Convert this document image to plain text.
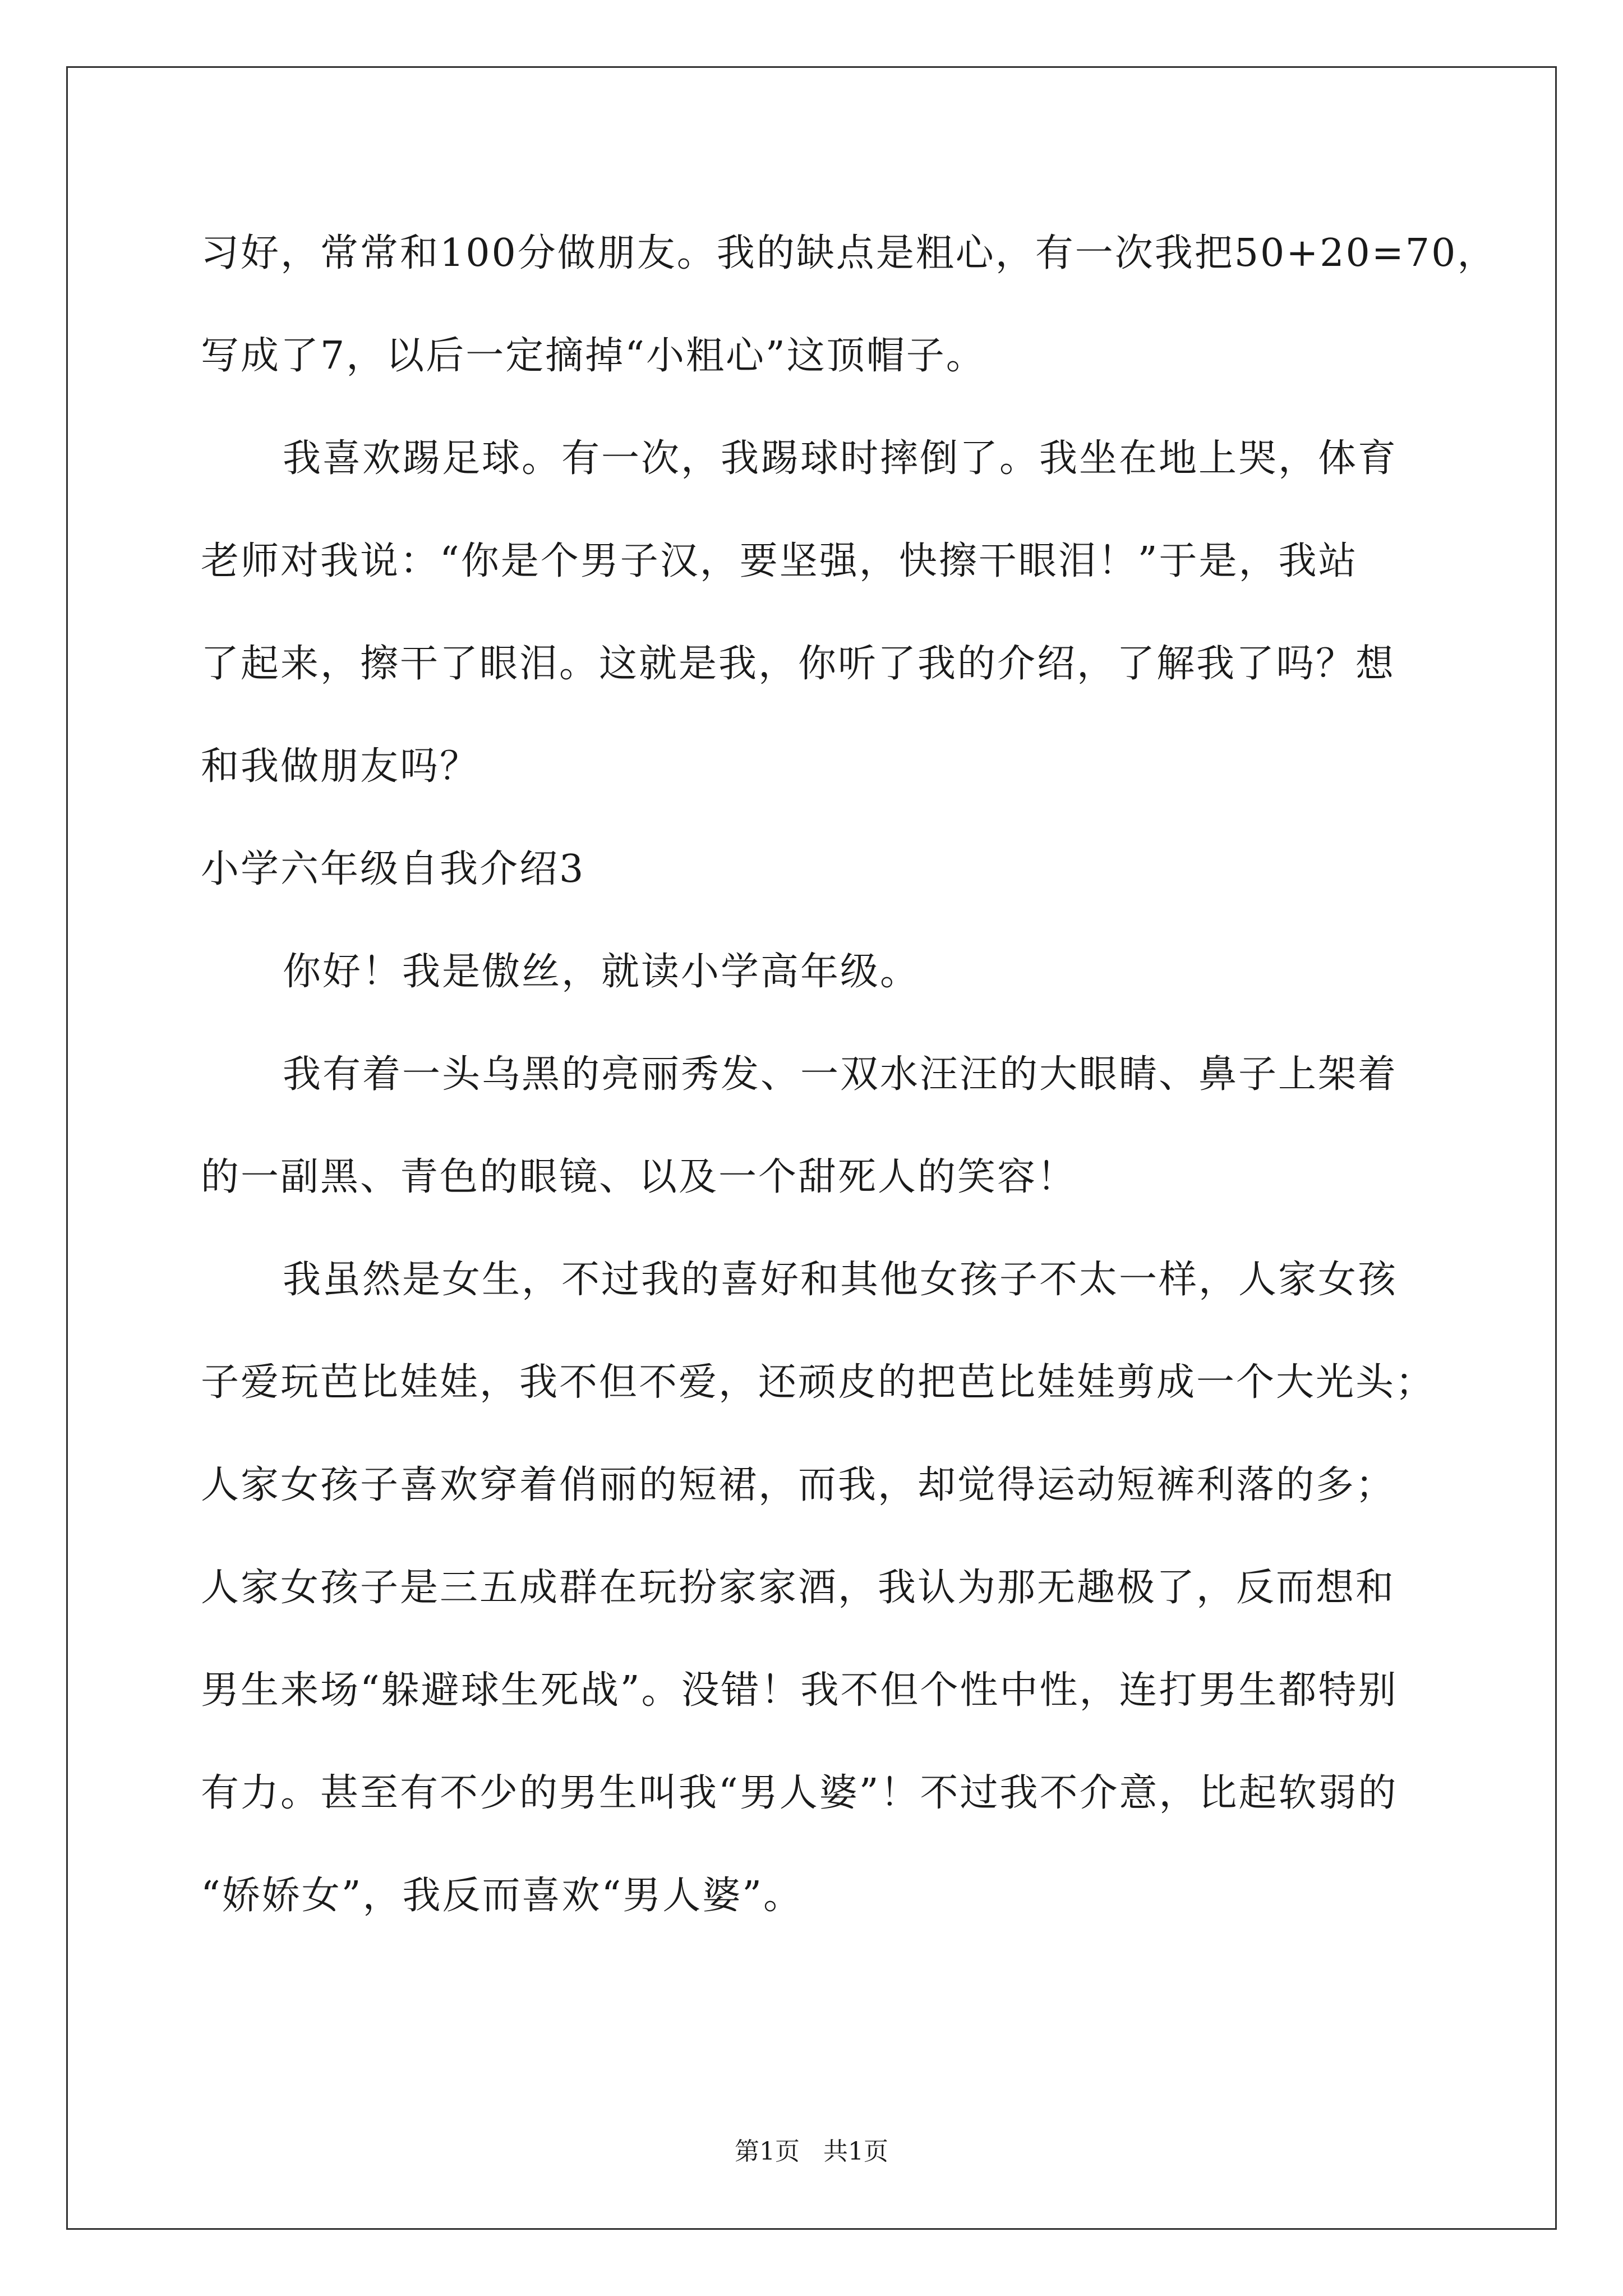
习好，常常和100分做朋友。我的缺点是粗心，有一次我把50+20=70，
写成了7，以后一定摘掉“小粗心”这顶帽子。
我喜欢踢足球。有一次，我踢球时摔倒了。我坐在地上哭，体育
老师对我说：“你是个男子汉，要坚强，快擦干眼泪！”于是，我站
了起来，擦干了眼泪。这就是我，你听了我的介绍，了解我了吗？想
和我做朋友吗？
小学六年级自我介绍3
你好！我是傲丝，就读小学高年级。
我有着一头乌黑的亮丽秀发、一双水汪汪的大眼睛、鼻子上架着
的一副黑、青色的眼镜、以及一个甜死人的笑容！
我虽然是女生，不过我的喜好和其他女孩子不太一样，人家女孩
子爱玩芭比娃娃，我不但不爱，还顽皮的把芭比娃娃剪成一个大光头；
人家女孩子喜欢穿着俏丽的短裙，而我，却觉得运动短裤利落的多；
人家女孩子是三五成群在玩扮家家酒，我认为那无趣极了，反而想和
男生来场“躲避球生死战”。没错！我不但个性中性，连打男生都特别
有力。甚至有不少的男生叫我“男人婆”！不过我不介意，比起软弱的
“娇娇女”，我反而喜欢“男人婆”。
第1页   共1页
